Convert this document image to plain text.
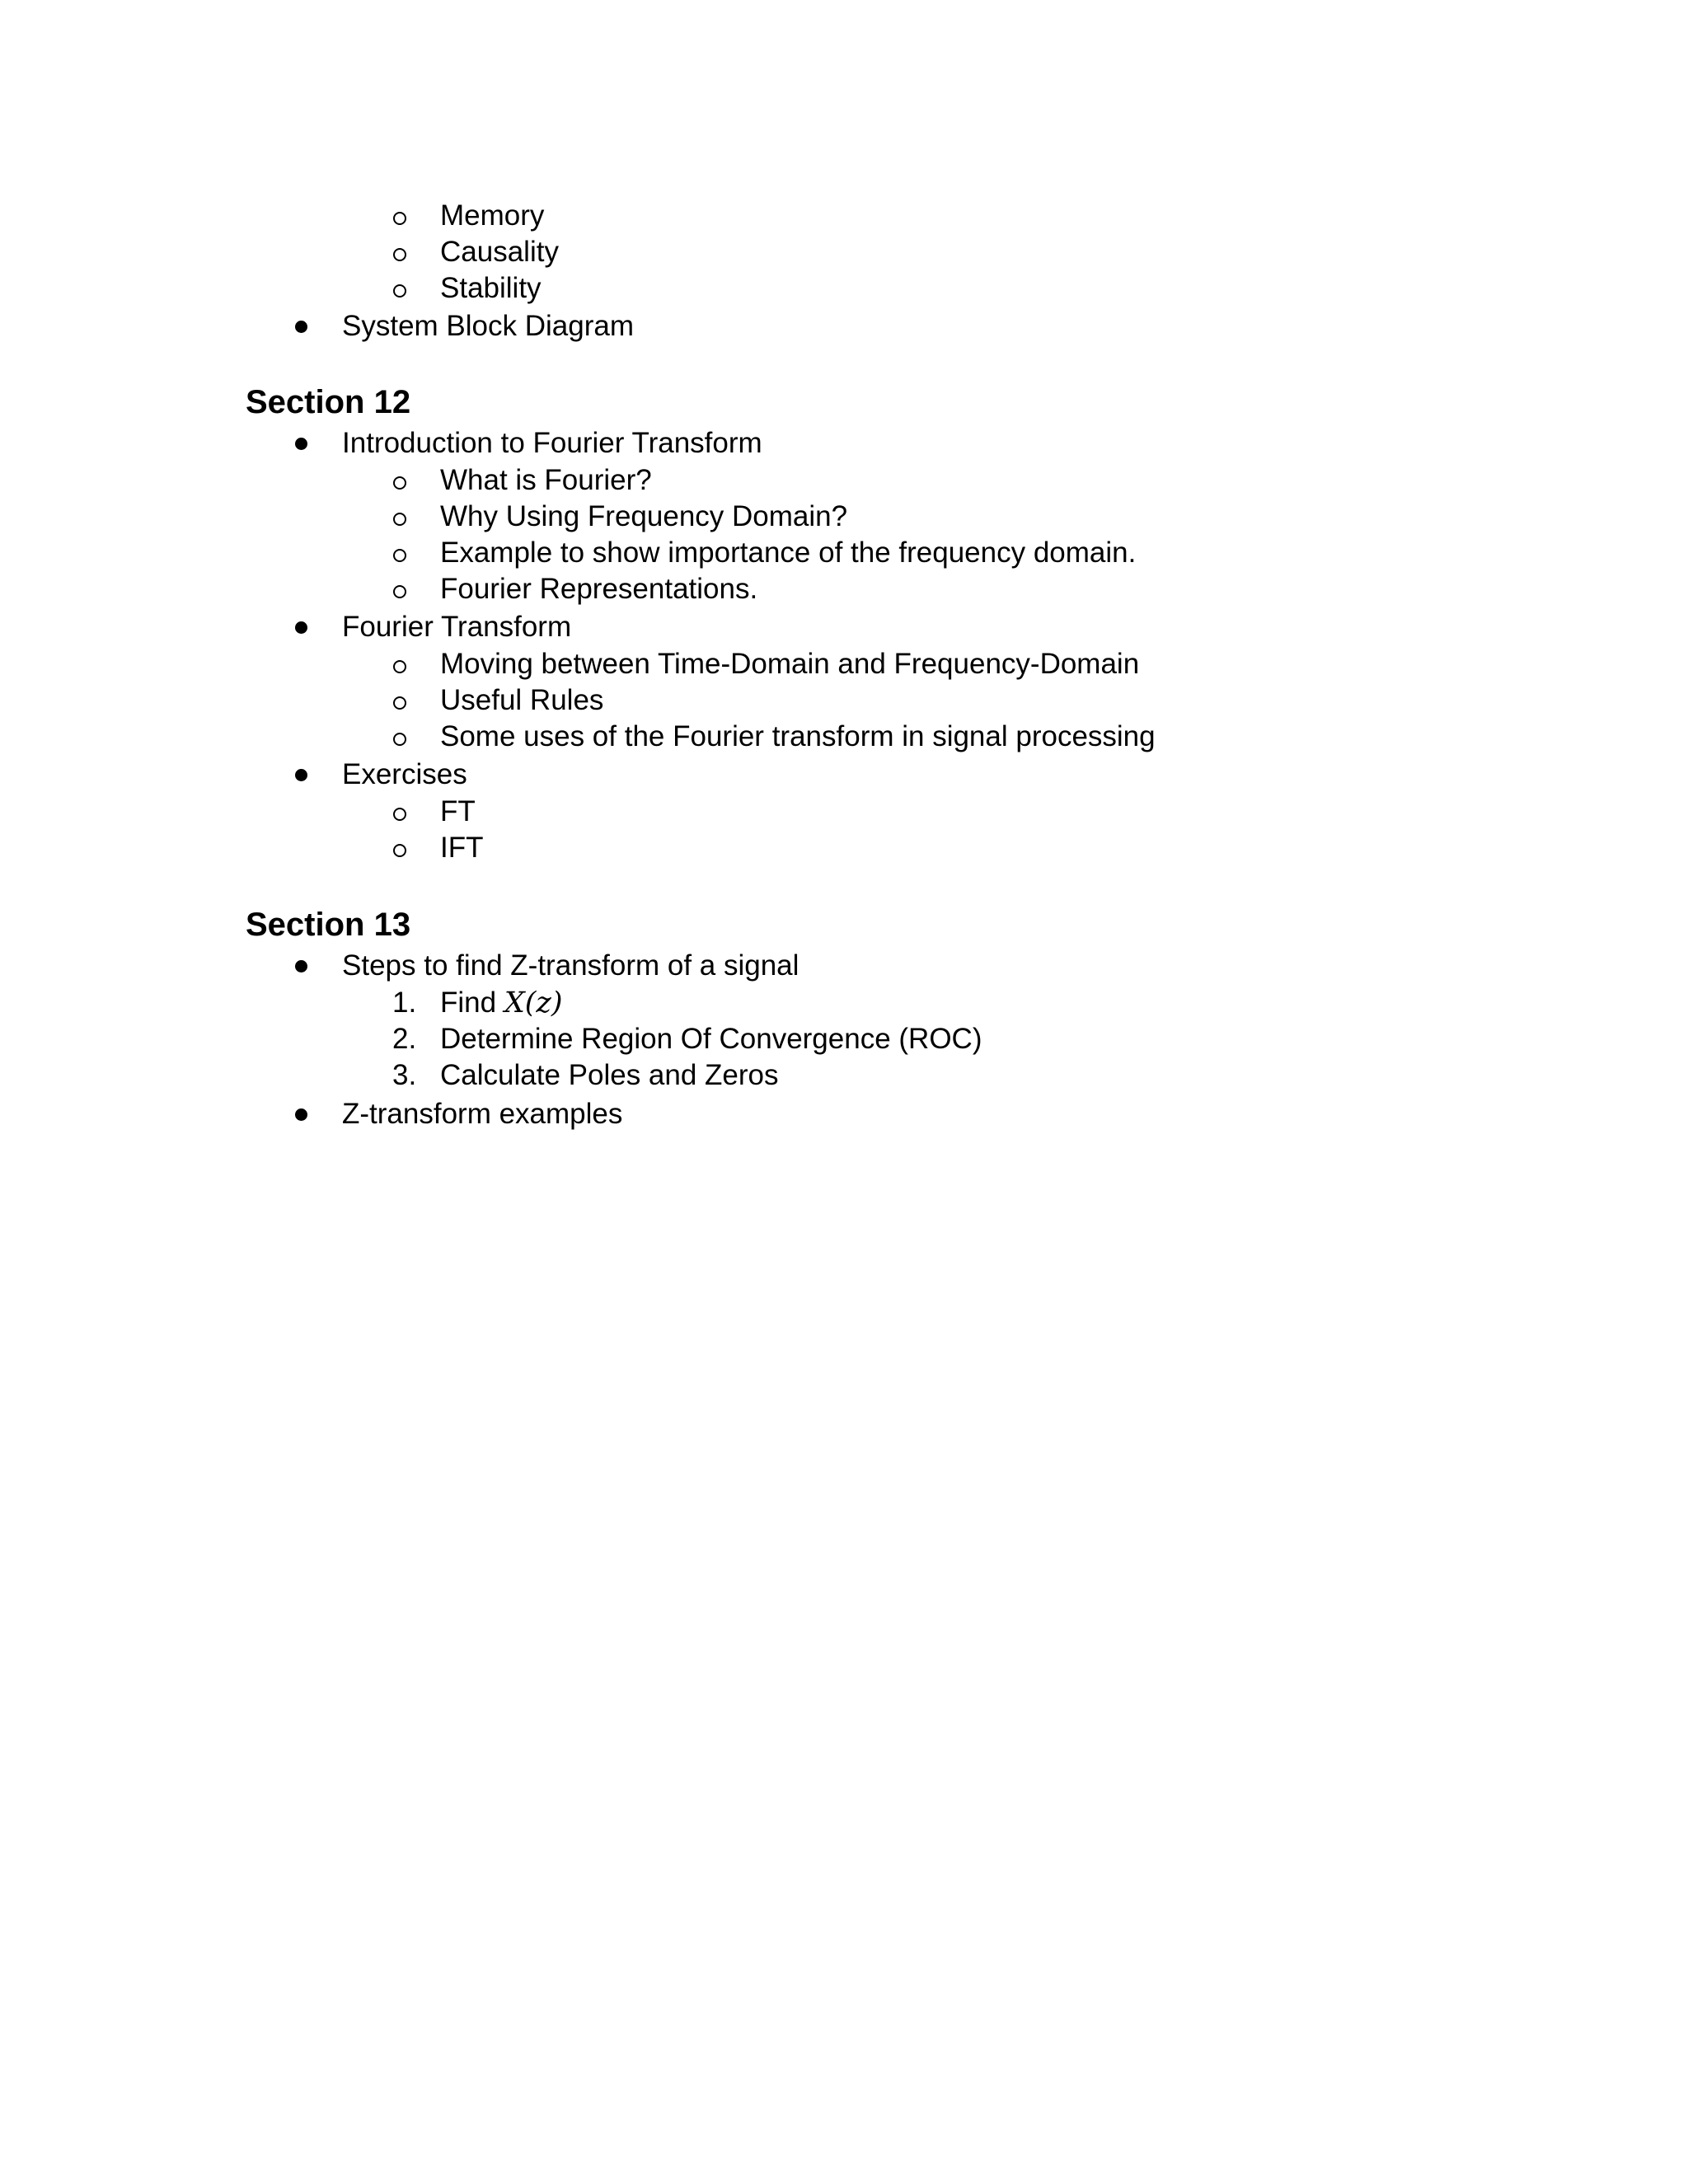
Memory
Causality
Stability
System Block Diagram
Section 12
Introduction to Fourier Transform
What is Fourier?
Why Using Frequency Domain?
Example to show importance of the frequency domain.
Fourier Representations.
Fourier Transform
Moving between Time-Domain and Frequency-Domain
Useful Rules
Some uses of the Fourier transform in signal processing
Exercises
FT
IFT
Section 13
Steps to find Z-transform of a signal
1. Find X(z)
2. Determine Region Of Convergence (ROC)
3. Calculate Poles and Zeros
Z-transform examples
